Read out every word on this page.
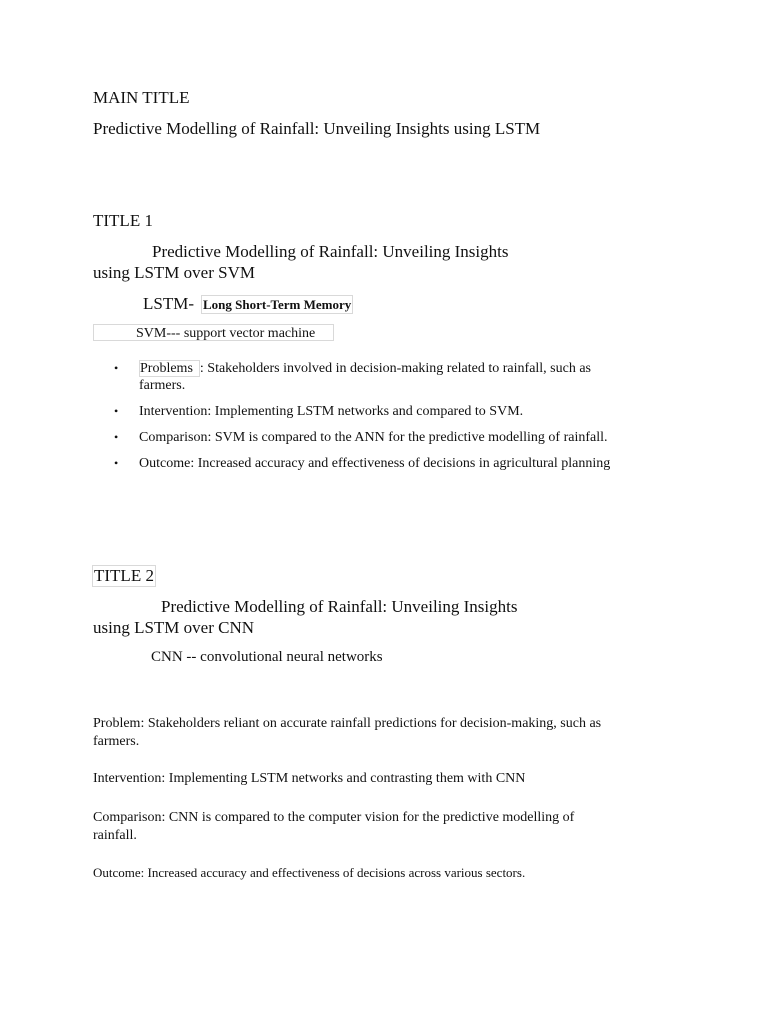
MAIN TITLE
Predictive Modelling of Rainfall: Unveiling Insights using LSTM
TITLE 1
Predictive Modelling of Rainfall: Unveiling Insights
using LSTM over SVM
LSTM- Long Short-Term Memory
SVM--- support vector machine
• Problems : Stakeholders involved in decision-making related to rainfall, such as
farmers.
• Intervention: Implementing LSTM networks and compared to SVM.
• Comparison: SVM is compared to the ANN for the predictive modelling of rainfall.
• Outcome: Increased accuracy and effectiveness of decisions in agricultural planning
TITLE 2
Predictive Modelling of Rainfall: Unveiling Insights
using LSTM over CNN
CNN -- convolutional neural networks
Problem: Stakeholders reliant on accurate rainfall predictions for decision-making, such as
farmers.
Intervention: Implementing LSTM networks and contrasting them with CNN
Comparison: CNN is compared to the computer vision for the predictive modelling of
rainfall.
Outcome: Increased accuracy and effectiveness of decisions across various sectors.
